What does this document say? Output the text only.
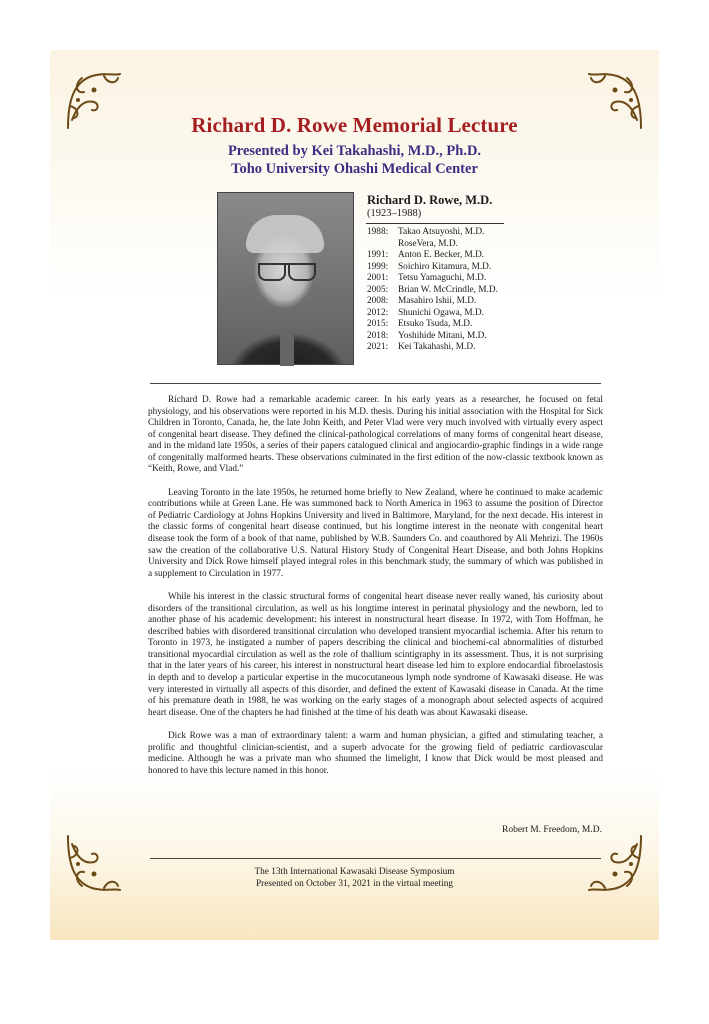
Richard D. Rowe Memorial Lecture
Presented by Kei Takahashi, M.D., Ph.D.
Toho University Ohashi Medical Center
Richard D. Rowe, M.D.
(1923–1988)
1988:	Takao Atsuyoshi, M.D.
RoseVera, M.D.
1991:	Anton E. Becker, M.D.
1999:	Soichiro Kitamura, M.D.
2001:	Tetsu Yamaguchi, M.D.
2005:	Brian W. McCrindle, M.D.
2008:	Masahiro Ishii, M.D.
2012:	Shunichi Ogawa, M.D.
2015:	Etsuko Tsuda, M.D.
2018:	Yoshihide Mitani, M.D.
2021:	Kei Takahashi, M.D.

Richard D. Rowe had a remarkable academic career. In his early years as a researcher, he focused on fetal physiology, and his observations were reported in his M.D. thesis. During his initial association with the Hospital for Sick Children in Toronto, Canada, he, the late John Keith, and Peter Vlad were very much involved with virtually every aspect of congenital heart disease. They defined the clinical-pathological correlations of many forms of congenital heart disease, and in the midand late 1950s, a series of their papers catalogued clinical and angiocardio-graphic findings in a wide range of congenitally malformed hearts. These observations culminated in the first edition of the now-classic textbook known as “Keith, Rowe, and Vlad.”

Leaving Toronto in the late 1950s, he returned home briefly to New Zealand, where he continued to make academic contributions while at Green Lane. He was summoned back to North America in 1963 to assume the position of Director of Pediatric Cardiology at Johns Hopkins University and lived in Baltimore, Maryland, for the next decade. His interest in the classic forms of congenital heart disease continued, but his longtime interest in the neonate with congenital heart disease took the form of a book of that name, published by W.B. Saunders Co. and coauthored by Ali Mehrizi. The 1960s saw the creation of the collaborative U.S. Natural History Study of Congenital Heart Disease, and both Johns Hopkins University and Dick Rowe himself played integral roles in this benchmark study, the summary of which was published in a supplement to Circulation in 1977.

While his interest in the classic structural forms of congenital heart disease never really waned, his curiosity about disorders of the transitional circulation, as well as his longtime interest in perinatal physiology and the newborn, led to another phase of his academic development: his interest in nonstructural heart disease. In 1972, with Tom Hoffman, he described babies with disordered transitional circulation who developed transient myocardial ischemia. After his return to Toronto in 1973, he instigated a number of papers describing the clinical and biochemi-cal abnormalities of disturbed transitional myocardial circulation as well as the role of thallium scintigraphy in its assessment. Thus, it is not surprising that in the later years of his career, his interest in nonstructural heart disease led him to explore endocardial fibroelastosis in depth and to develop a particular expertise in the mucocutaneous lymph node syndrome of Kawasaki disease. He was very interested in virtually all aspects of this disorder, and defined the extent of Kawasaki disease in Canada. At the time of his premature death in 1988, he was working on the early stages of a monograph about selected aspects of acquired heart disease. One of the chapters he had finished at the time of his death was about Kawasaki disease.

Dick Rowe was a man of extraordinary talent: a warm and human physician, a gifted and stimulating teacher, a prolific and thoughtful clinician-scientist, and a superb advocate for the growing field of pediatric cardiovascular medicine. Although he was a private man who shunned the limelight, I know that Dick would be most pleased and honored to have this lecture named in this honor.

Robert M. Freedom, M.D.
The 13th International Kawasaki Disease Symposium
Presented on October 31, 2021 in the virtual meeting
